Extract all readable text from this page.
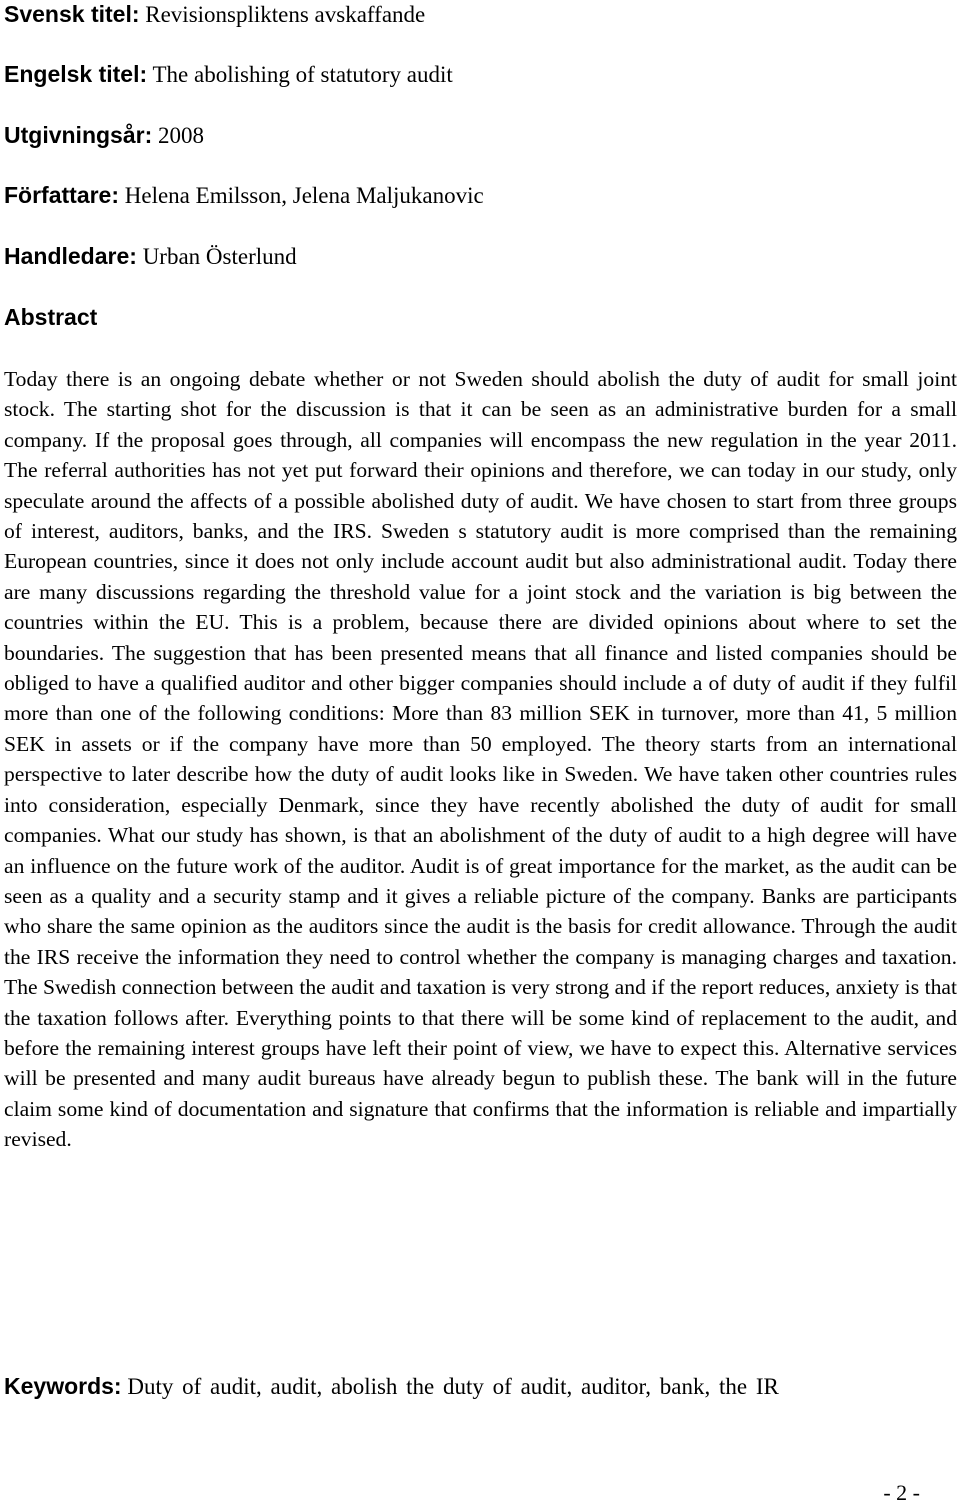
Svensk titel: Revisionspliktens avskaffande
Engelsk titel: The abolishing of statutory audit
Utgivningsår: 2008
Författare: Helena Emilsson, Jelena Maljukanovic
Handledare: Urban Österlund
Abstract

Today there is an ongoing debate whether or not Sweden should abolish the duty of audit for small joint stock. The starting shot for the discussion is that it can be seen as an administrative burden for a small company. If the proposal goes through, all companies will encompass the new regulation in the year 2011. The referral authorities has not yet put forward their opinions and therefore, we can today in our study, only speculate around the affects of a possible abolished duty of audit. We have chosen to start from three groups of interest, auditors, banks, and the IRS. Sweden s statutory audit is more comprised than the remaining European countries, since it does not only include account audit but also administrational audit. Today there are many discussions regarding the threshold value for a joint stock and the variation is big between the countries within the EU. This is a problem, because there are divided opinions about where to set the boundaries. The suggestion that has been presented means that all finance and listed companies should be obliged to have a qualified auditor and other bigger companies should include a of duty of audit if they fulfil more than one of the following conditions: More than 83 million SEK in turnover, more than 41, 5 million SEK in assets or if the company have more than 50 employed. The theory starts from an international perspective to later describe how the duty of audit looks like in Sweden. We have taken other countries rules into consideration, especially Denmark, since they have recently abolished the duty of audit for small companies. What our study has shown, is that an abolishment of the duty of audit to a high degree will have an influence on the future work of the auditor. Audit is of great importance for the market, as the audit can be seen as a quality and a security stamp and it gives a reliable picture of the company. Banks are participants who share the same opinion as the auditors since the audit is the basis for credit allowance. Through the audit the IRS receive the information they need to control whether the company is managing charges and taxation. The Swedish connection between the audit and taxation is very strong and if the report reduces, anxiety is that the taxation follows after. Everything points to that there will be some kind of replacement to the audit, and before the remaining interest groups have left their point of view, we have to expect this. Alternative services will be presented and many audit bureaus have already begun to publish these. The bank will in the future claim some kind of documentation and signature that confirms that the information is reliable and impartially revised.

Keywords: Duty of audit, audit, abolish the duty of audit, auditor, bank, the IR

- 2 -
